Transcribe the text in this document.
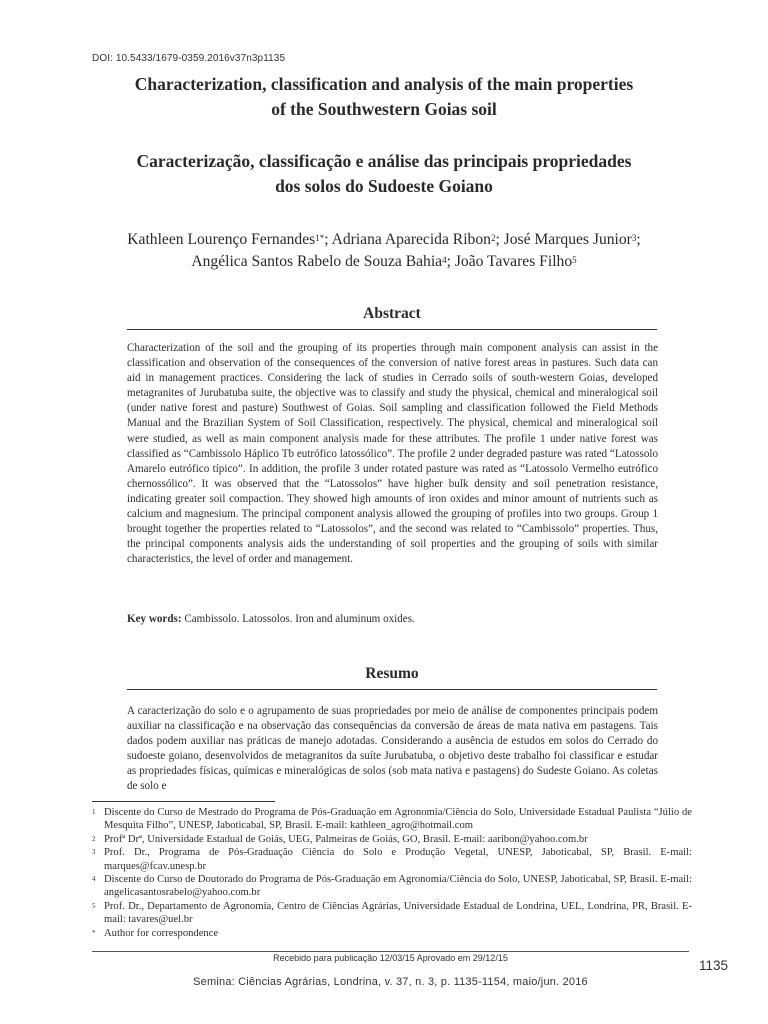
DOI: 10.5433/1679-0359.2016v37n3p1135
Characterization, classification and analysis of the main properties
of the Southwestern Goias soil
Caracterização, classificação e análise das principais propriedades
dos solos do Sudoeste Goiano
Kathleen Lourenço Fernandes$^{1*}$; Adriana Aparecida Ribon$^2$; José Marques Junior$^3$;
Angélica Santos Rabelo de Souza Bahia$^4$; João Tavares Filho$^5$
Abstract

Characterization of the soil and the grouping of its properties through main component analysis can assist in the classification and observation of the consequences of the conversion of native forest areas in pastures. Such data can aid in management practices. Considering the lack of studies in Cerrado soils of south-western Goias, developed metagranites of Jurubatuba suite, the objective was to classify and study the physical, chemical and mineralogical soil (under native forest and pasture) Southwest of Goias. Soil sampling and classification followed the Field Methods Manual and the Brazilian System of Soil Classification, respectively. The physical, chemical and mineralogical soil were studied, as well as main component analysis made for these attributes. The profile 1 under native forest was classified as “Cambissolo Háplico Tb eutrófico latossólico”. The profile 2 under degraded pasture was rated “Latossolo Amarelo eutrófico típico”. In addition, the profile 3 under rotated pasture was rated as “Latossolo Vermelho eutrófico chernossólico”. It was observed that the “Latossolos” have higher bulk density and soil penetration resistance, indicating greater soil compaction. They showed high amounts of iron oxides and minor amount of nutrients such as calcium and magnesium. The principal component analysis allowed the grouping of profiles into two groups. Group 1 brought together the properties related to “Latossolos”, and the second was related to “Cambissolo” properties. Thus, the principal components analysis aids the understanding of soil properties and the grouping of soils with similar characteristics, the level of order and management.

Key words: Cambissolo. Latossolos. Iron and aluminum oxides.
Resumo

A caracterização do solo e o agrupamento de suas propriedades por meio de análise de componentes principais podem auxiliar na classificação e na observação das consequências da conversão de áreas de mata nativa em pastagens. Tais dados podem auxiliar nas práticas de manejo adotadas. Considerando a ausência de estudos em solos do Cerrado do sudoeste goiano, desenvolvidos de metagranitos da suíte Jurubatuba, o objetivo deste trabalho foi classificar e estudar as propriedades físicas, químicas e mineralógicas de solos (sob mata nativa e pastagens) do Sudeste Goiano. As coletas de solo e

1 Discente do Curso de Mestrado do Programa de Pós-Graduação em Agronomia/Ciência do Solo, Universidade Estadual Paulista “Júlio de Mesquita Filho”, UNESP, Jaboticabal, SP, Brasil. E-mail: kathleen_agro@hotmail.com
2 Profª Drª, Universidade Estadual de Goiás, UEG, Palmeiras de Goiás, GO, Brasil. E-mail: aaribon@yahoo.com.br
3 Prof. Dr., Programa de Pós-Graduação Ciência do Solo e Produção Vegetal, UNESP, Jaboticabal, SP, Brasil. E-mail: marques@fcav.unesp.br
4 Discente do Curso de Doutorado do Programa de Pós-Graduação em Agronomia/Ciência do Solo, UNESP, Jaboticabal, SP, Brasil. E-mail: angelicasantosrabelo@yahoo.com.br
5 Prof. Dr., Departamento de Agronomia, Centro de Ciências Agrárias, Universidade Estadual de Londrina, UEL, Londrina, PR, Brasil. E-mail: tavares@uel.br
* Author for correspondence
Recebido para publicação 12/03/15 Aprovado em 29/12/15	1135
Semina: Ciências Agrárias, Londrina, v. 37, n. 3, p. 1135-1154, maio/jun. 2016
